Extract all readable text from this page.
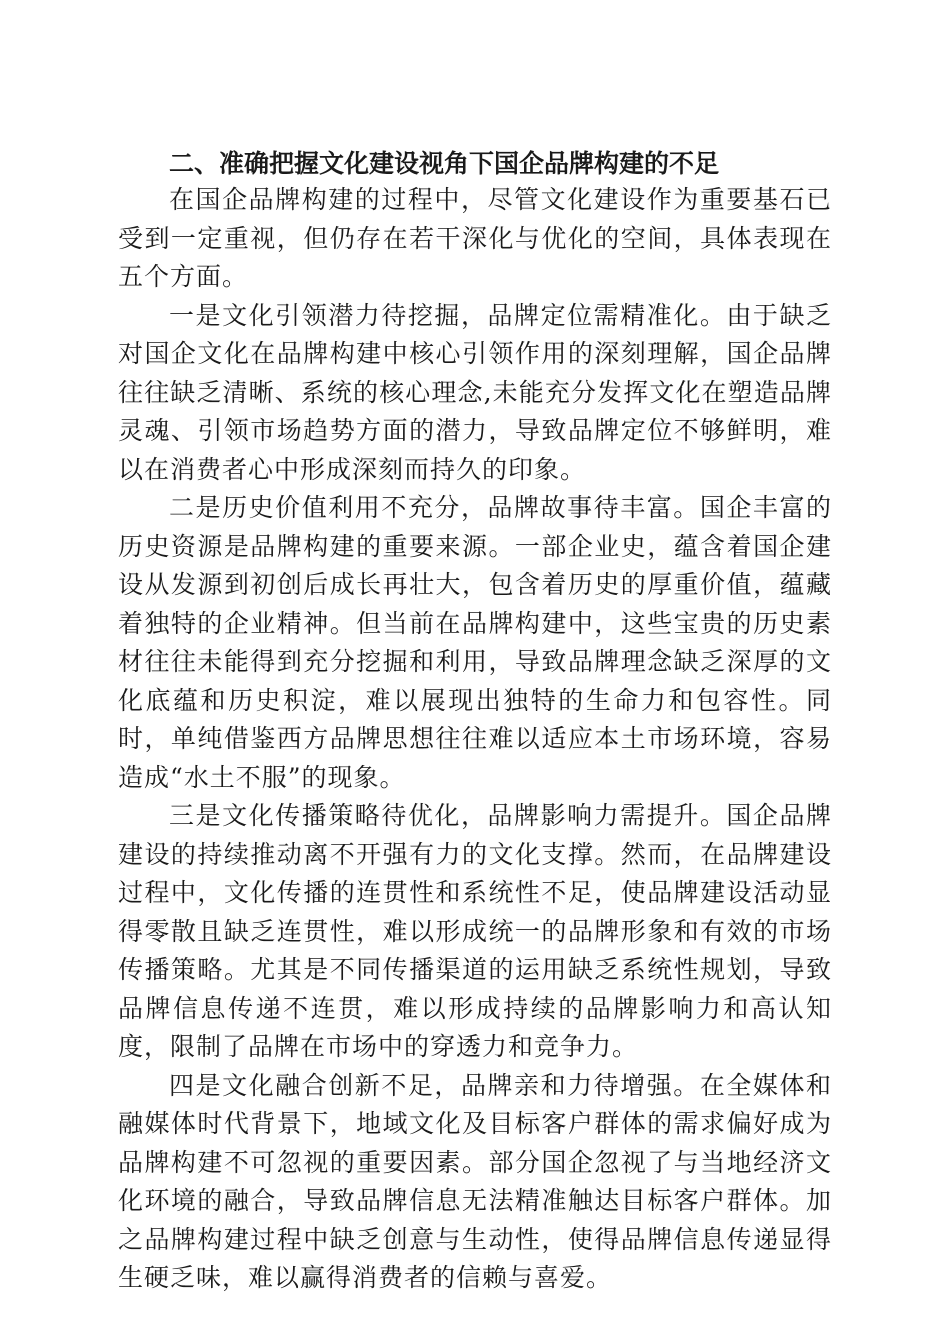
二、准确把握文化建设视角下国企品牌构建的不足

在国企品牌构建的过程中，尽管文化建设作为重要基石已受到一定重视，但仍存在若干深化与优化的空间，具体表现在五个方面。

一是文化引领潜力待挖掘，品牌定位需精准化。由于缺乏对国企文化在品牌构建中核心引领作用的深刻理解，国企品牌往往缺乏清晰、系统的核心理念,未能充分发挥文化在塑造品牌灵魂、引领市场趋势方面的潜力，导致品牌定位不够鲜明，难以在消费者心中形成深刻而持久的印象。

二是历史价值利用不充分，品牌故事待丰富。国企丰富的历史资源是品牌构建的重要来源。一部企业史，蕴含着国企建设从发源到初创后成长再壮大，包含着历史的厚重价值，蕴藏着独特的企业精神。但当前在品牌构建中，这些宝贵的历史素材往往未能得到充分挖掘和利用，导致品牌理念缺乏深厚的文化底蕴和历史积淀，难以展现出独特的生命力和包容性。同时，单纯借鉴西方品牌思想往往难以适应本土市场环境，容易造成“水土不服”的现象。

三是文化传播策略待优化，品牌影响力需提升。国企品牌建设的持续推动离不开强有力的文化支撑。然而，在品牌建设过程中，文化传播的连贯性和系统性不足，使品牌建设活动显得零散且缺乏连贯性，难以形成统一的品牌形象和有效的市场传播策略。尤其是不同传播渠道的运用缺乏系统性规划，导致品牌信息传递不连贯，难以形成持续的品牌影响力和高认知度，限制了品牌在市场中的穿透力和竞争力。

四是文化融合创新不足，品牌亲和力待增强。在全媒体和融媒体时代背景下，地域文化及目标客户群体的需求偏好成为品牌构建不可忽视的重要因素。部分国企忽视了与当地经济文化环境的融合，导致品牌信息无法精准触达目标客户群体。加之品牌构建过程中缺乏创意与生动性，使得品牌信息传递显得生硬乏味，难以赢得消费者的信赖与喜爱。
